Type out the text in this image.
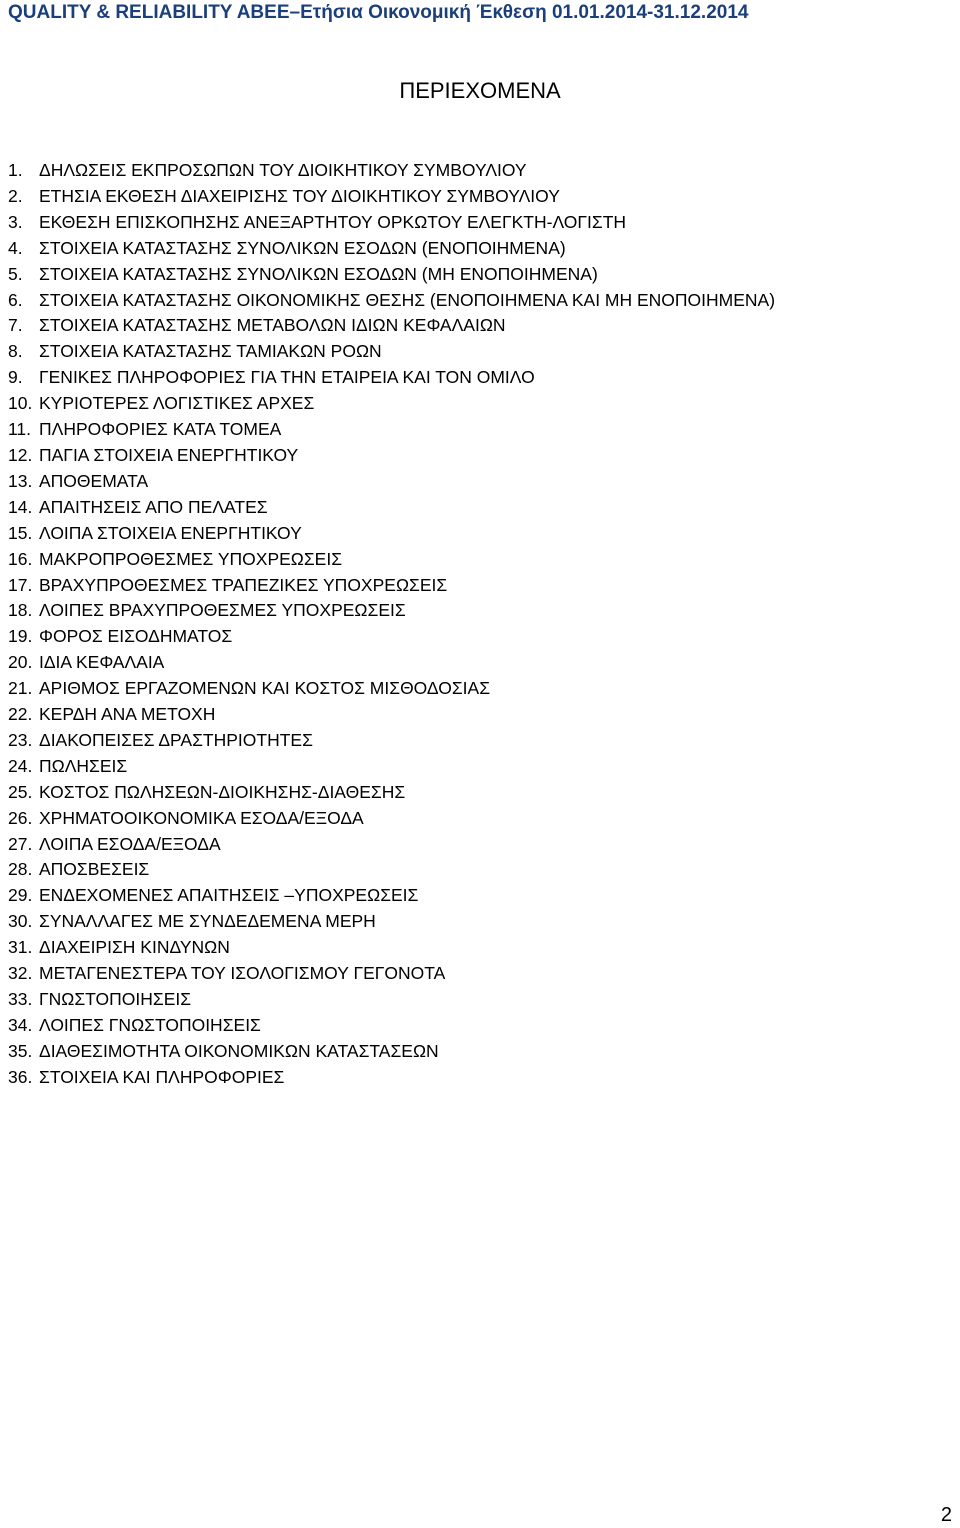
QUALITY & RELIABILITY ABEE–Ετήσια Οικονομική Έκθεση 01.01.2014-31.12.2014
ΠΕΡΙΕΧΟΜΕΝΑ
1. ΔΗΛΩΣΕΙΣ ΕΚΠΡΟΣΩΠΩΝ ΤΟΥ ΔΙΟΙΚΗΤΙΚΟΥ ΣΥΜΒΟΥΛΙΟΥ
2. ΕΤΗΣΙΑ ΕΚΘΕΣΗ ΔΙΑΧΕΙΡΙΣΗΣ ΤΟΥ ΔΙΟΙΚΗΤΙΚΟΥ ΣΥΜΒΟΥΛΙΟΥ
3. ΕΚΘΕΣΗ ΕΠΙΣΚΟΠΗΣΗΣ ΑΝΕΞΑΡΤΗΤΟΥ ΟΡΚΩΤΟΥ ΕΛΕΓΚΤΗ-ΛΟΓΙΣΤΗ
4. ΣΤΟΙΧΕΙΑ ΚΑΤΑΣΤΑΣΗΣ ΣΥΝΟΛΙΚΩΝ ΕΣΟΔΩΝ (ΕΝΟΠΟΙΗΜΕΝΑ)
5. ΣΤΟΙΧΕΙΑ ΚΑΤΑΣΤΑΣΗΣ ΣΥΝΟΛΙΚΩΝ ΕΣΟΔΩΝ (ΜΗ ΕΝΟΠΟΙΗΜΕΝΑ)
6. ΣΤΟΙΧΕΙΑ ΚΑΤΑΣΤΑΣΗΣ ΟΙΚΟΝΟΜΙΚΗΣ ΘΕΣΗΣ (ΕΝΟΠΟΙΗΜΕΝΑ ΚΑΙ ΜΗ ΕΝΟΠΟΙΗΜΕΝΑ)
7. ΣΤΟΙΧΕΙΑ ΚΑΤΑΣΤΑΣΗΣ ΜΕΤΑΒΟΛΩΝ ΙΔΙΩΝ ΚΕΦΑΛΑΙΩΝ
8. ΣΤΟΙΧΕΙΑ ΚΑΤΑΣΤΑΣΗΣ ΤΑΜΙΑΚΩΝ ΡΟΩΝ
9. ΓΕΝΙΚΕΣ ΠΛΗΡΟΦΟΡΙΕΣ ΓΙΑ ΤΗΝ ΕΤΑΙΡΕΙΑ ΚΑΙ ΤΟΝ ΟΜΙΛΟ
10. ΚΥΡΙΟΤΕΡΕΣ ΛΟΓΙΣΤΙΚΕΣ ΑΡΧΕΣ
11. ΠΛΗΡΟΦΟΡΙΕΣ ΚΑΤΑ ΤΟΜΕΑ
12. ΠΑΓΙΑ ΣΤΟΙΧΕΙΑ ΕΝΕΡΓΗΤΙΚΟΥ
13. ΑΠΟΘΕΜΑΤΑ
14. ΑΠΑΙΤΗΣΕΙΣ ΑΠΟ ΠΕΛΑΤΕΣ
15. ΛΟΙΠΑ ΣΤΟΙΧΕΙΑ ΕΝΕΡΓΗΤΙΚΟΥ
16. ΜΑΚΡΟΠΡΟΘΕΣΜΕΣ ΥΠΟΧΡΕΩΣΕΙΣ
17. ΒΡΑΧΥΠΡΟΘΕΣΜΕΣ ΤΡΑΠΕΖΙΚΕΣ ΥΠΟΧΡΕΩΣΕΙΣ
18. ΛΟΙΠΕΣ ΒΡΑΧΥΠΡΟΘΕΣΜΕΣ ΥΠΟΧΡΕΩΣΕΙΣ
19. ΦΟΡΟΣ ΕΙΣΟΔΗΜΑΤΟΣ
20. ΙΔΙΑ ΚΕΦΑΛΑΙΑ
21. ΑΡΙΘΜΟΣ ΕΡΓΑΖΟΜΕΝΩΝ ΚΑΙ ΚΟΣΤΟΣ ΜΙΣΘΟΔΟΣΙΑΣ
22. ΚΕΡΔΗ ΑΝΑ ΜΕΤΟΧΗ
23. ΔΙΑΚΟΠΕΙΣΕΣ ΔΡΑΣΤΗΡΙΟΤΗΤΕΣ
24. ΠΩΛΗΣΕΙΣ
25. ΚΟΣΤΟΣ ΠΩΛΗΣΕΩΝ-ΔΙΟΙΚΗΣΗΣ-ΔΙΑΘΕΣΗΣ
26. ΧΡΗΜΑΤΟΟΙΚΟΝΟΜΙΚΑ ΕΣΟΔΑ/ΕΞΟΔΑ
27. ΛΟΙΠΑ ΕΣΟΔΑ/ΕΞΟΔΑ
28. ΑΠΟΣΒΕΣΕΙΣ
29. ΕΝΔΕΧΟΜΕΝΕΣ ΑΠΑΙΤΗΣΕΙΣ –ΥΠΟΧΡΕΩΣΕΙΣ
30. ΣΥΝΑΛΛΑΓΕΣ ΜΕ ΣΥΝΔΕΔΕΜΕΝΑ ΜΕΡΗ
31. ΔΙΑΧΕΙΡΙΣΗ ΚΙΝΔΥΝΩΝ
32. ΜΕΤΑΓΕΝΕΣΤΕΡΑ ΤΟΥ ΙΣΟΛΟΓΙΣΜΟΥ ΓΕΓΟΝΟΤΑ
33. ΓΝΩΣΤΟΠΟΙΗΣΕΙΣ
34. ΛΟΙΠΕΣ ΓΝΩΣΤΟΠΟΙΗΣΕΙΣ
35. ΔΙΑΘΕΣΙΜΟΤΗΤΑ ΟΙΚΟΝΟΜΙΚΩΝ ΚΑΤΑΣΤΑΣΕΩΝ
36. ΣΤΟΙΧΕΙΑ ΚΑΙ ΠΛΗΡΟΦΟΡΙΕΣ
2
